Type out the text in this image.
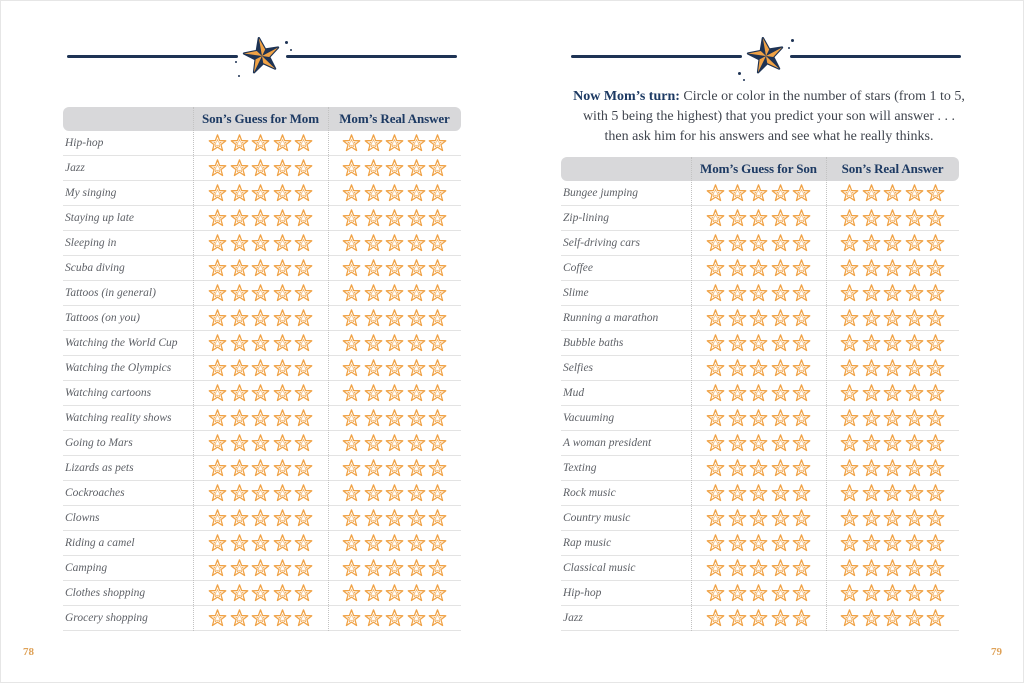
Son’s Guess for Mom	Mom’s Real Answer
Hip-hop
Jazz
My singing
Staying up late
Sleeping in
Scuba diving
Tattoos (in general)
Tattoos (on you)
Watching the World Cup
Watching the Olympics
Watching cartoons
Watching reality shows
Going to Mars
Lizards as pets
Cockroaches
Clowns
Riding a camel
Camping
Clothes shopping
Grocery shopping
78
Now Mom’s turn: Circle or color in the number of stars (from 1 to 5,
with 5 being the highest) that you predict your son will answer . . .
then ask him for his answers and see what he really thinks.
Mom’s Guess for Son	Son’s Real Answer
Bungee jumping
Zip-lining
Self-driving cars
Coffee
Slime
Running a marathon
Bubble baths
Selfies
Mud
Vacuuming
A woman president
Texting
Rock music
Country music
Rap music
Classical music
Hip-hop
Jazz
79
